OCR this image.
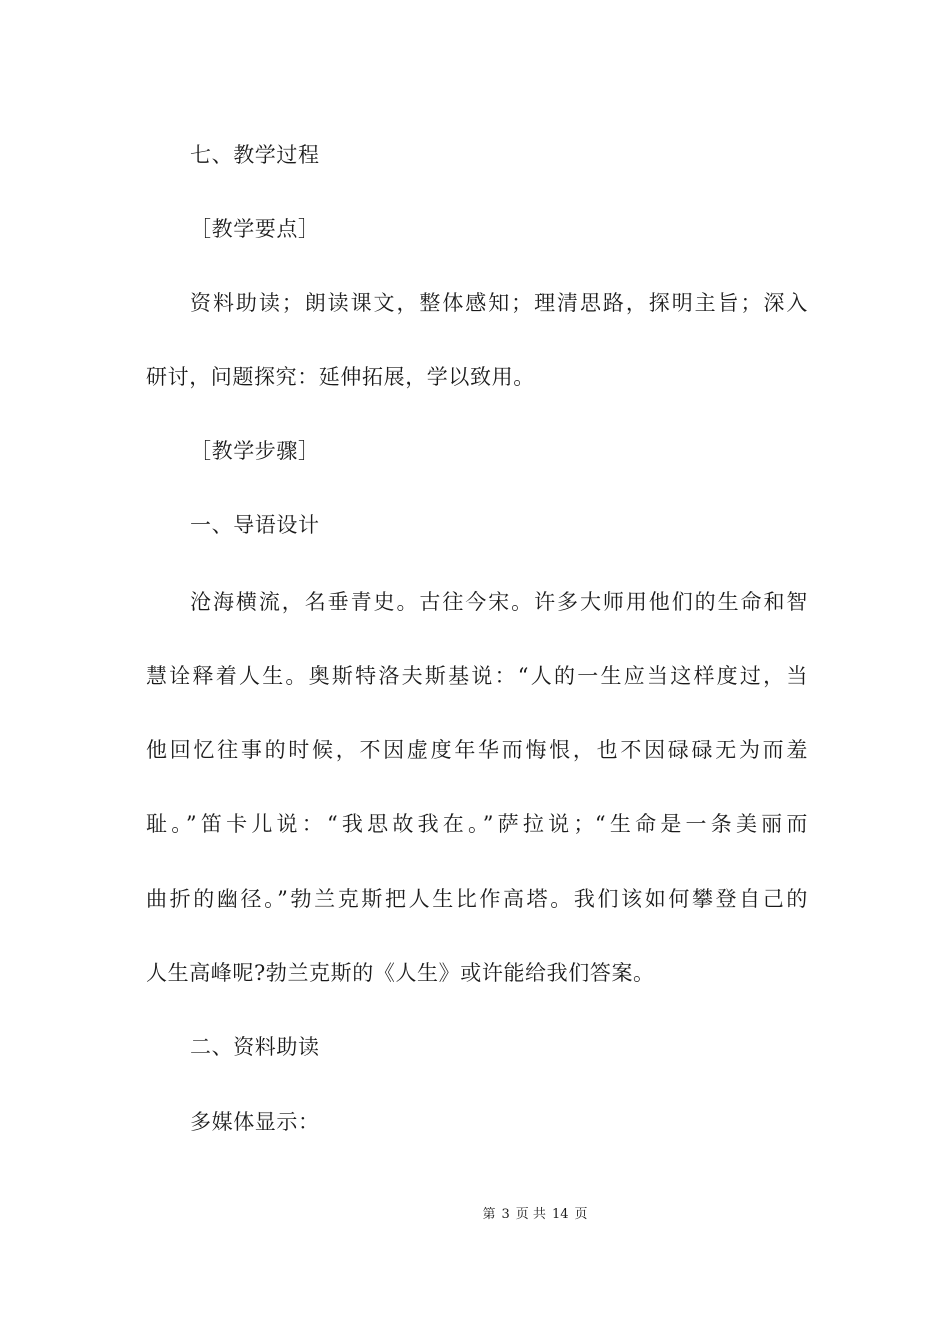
七、教学过程
［教学要点］
资料助读；朗读课文，整体感知；理清思路，探明主旨；深入
研讨，问题探究：延伸拓展，学以致用。
［教学步骤］
一、导语设计
沧海横流，名垂青史。古往今宋。许多大师用他们的生命和智
慧诠释着人生。奥斯特洛夫斯基说：“人的一生应当这样度过，当
他回忆往事的时候，不因虚度年华而悔恨，也不因碌碌无为而羞
耻。”笛卡儿说：“我思故我在。”萨拉说；“生命是一条美丽而
曲折的幽径。”勃兰克斯把人生比作高塔。我们该如何攀登自己的
人生高峰呢?勃兰克斯的《人生》或许能给我们答案。
二、资料助读
多媒体显示：
第 3 页 共 14 页
